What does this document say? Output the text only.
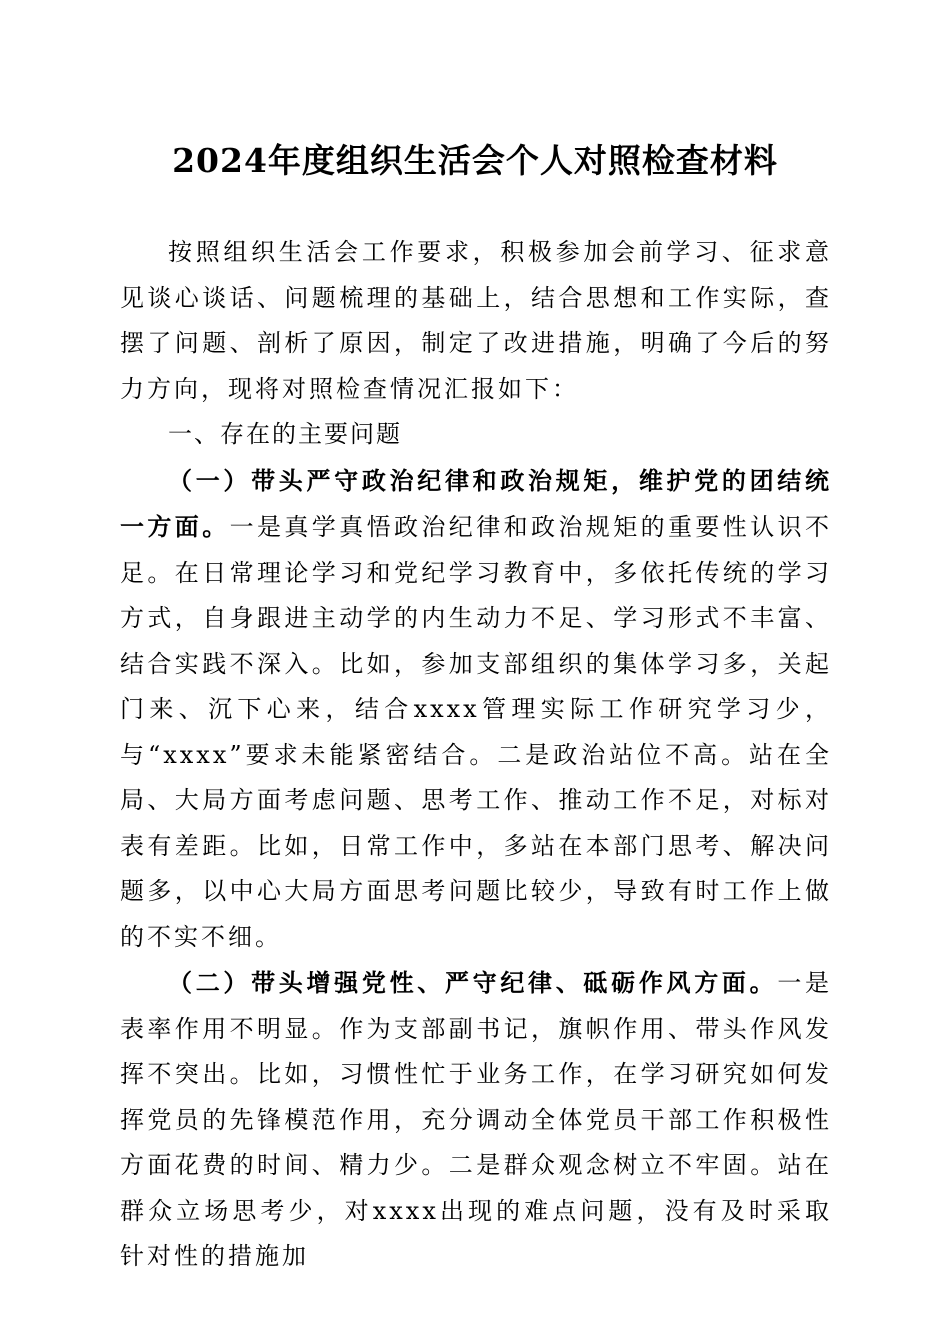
2024年度组织生活会个人对照检查材料

按照组织生活会工作要求，积极参加会前学习、征求意见谈心谈话、问题梳理的基础上，结合思想和工作实际，查摆了问题、剖析了原因，制定了改进措施，明确了今后的努力方向，现将对照检查情况汇报如下：

一、存在的主要问题

（一）带头严守政治纪律和政治规矩，维护党的团结统一方面。一是真学真悟政治纪律和政治规矩的重要性认识不足。在日常理论学习和党纪学习教育中，多依托传统的学习方式，自身跟进主动学的内生动力不足、学习形式不丰富、结合实践不深入。比如，参加支部组织的集体学习多，关起门来、沉下心来，结合xxxx管理实际工作研究学习少，与“xxxx”要求未能紧密结合。二是政治站位不高。站在全局、大局方面考虑问题、思考工作、推动工作不足，对标对表有差距。比如，日常工作中，多站在本部门思考、解决问题多，以中心大局方面思考问题比较少，导致有时工作上做的不实不细。

（二）带头增强党性、严守纪律、砥砺作风方面。一是表率作用不明显。作为支部副书记，旗帜作用、带头作风发挥不突出。比如，习惯性忙于业务工作，在学习研究如何发挥党员的先锋模范作用，充分调动全体党员干部工作积极性方面花费的时间、精力少。二是群众观念树立不牢固。站在群众立场思考少，对xxxx出现的难点问题，没有及时采取针对性的措施加
